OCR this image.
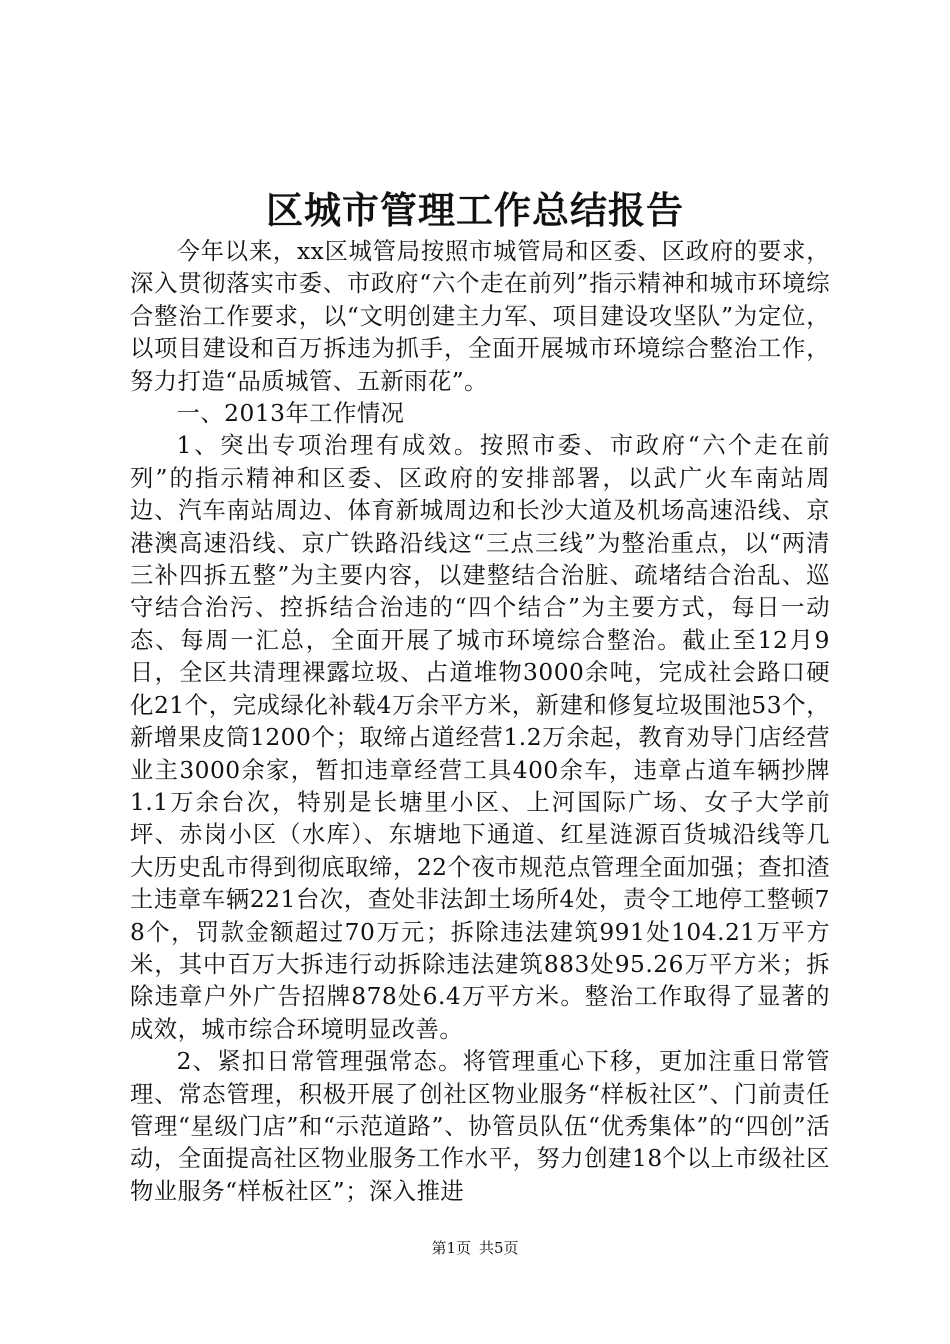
区城市管理工作总结报告

今年以来，xx区城管局按照市城管局和区委、区政府的要求，深入贯彻落实市委、市政府“六个走在前列”指示精神和城市环境综合整治工作要求，以“文明创建主力军、项目建设攻坚队”为定位，以项目建设和百万拆违为抓手，全面开展城市环境综合整治工作，努力打造“品质城管、五新雨花”。

一、2013年工作情况

1、突出专项治理有成效。按照市委、市政府“六个走在前列”的指示精神和区委、区政府的安排部署，以武广火车南站周边、汽车南站周边、体育新城周边和长沙大道及机场高速沿线、京港澳高速沿线、京广铁路沿线这“三点三线”为整治重点，以“两清三补四拆五整”为主要内容，以建整结合治脏、疏堵结合治乱、巡守结合治污、控拆结合治违的“四个结合”为主要方式，每日一动态、每周一汇总，全面开展了城市环境综合整治。截止至12月9日，全区共清理裸露垃圾、占道堆物3000余吨，完成社会路口硬化21个，完成绿化补载4万余平方米，新建和修复垃圾围池53个，新增果皮筒1200个；取缔占道经营1.2万余起，教育劝导门店经营业主3000余家，暂扣违章经营工具400余车，违章占道车辆抄牌1.1万余台次，特别是长塘里小区、上河国际广场、女子大学前坪、赤岗小区（水库）、东塘地下通道、红星涟源百货城沿线等几大历史乱市得到彻底取缔，22个夜市规范点管理全面加强；查扣渣土违章车辆221台次，查处非法卸土场所4处，责令工地停工整顿78个，罚款金额超过70万元；拆除违法建筑991处104.21万平方米，其中百万大拆违行动拆除违法建筑883处95.26万平方米；拆除违章户外广告招牌878处6.4万平方米。整治工作取得了显著的成效，城市综合环境明显改善。

2、紧扣日常管理强常态。将管理重心下移，更加注重日常管理、常态管理，积极开展了创社区物业服务“样板社区”、门前责任管理“星级门店”和“示范道路”、协管员队伍“优秀集体”的“四创”活动，全面提高社区物业服务工作水平，努力创建18个以上市级社区物业服务“样板社区”；深入推进

第1页 共5页
